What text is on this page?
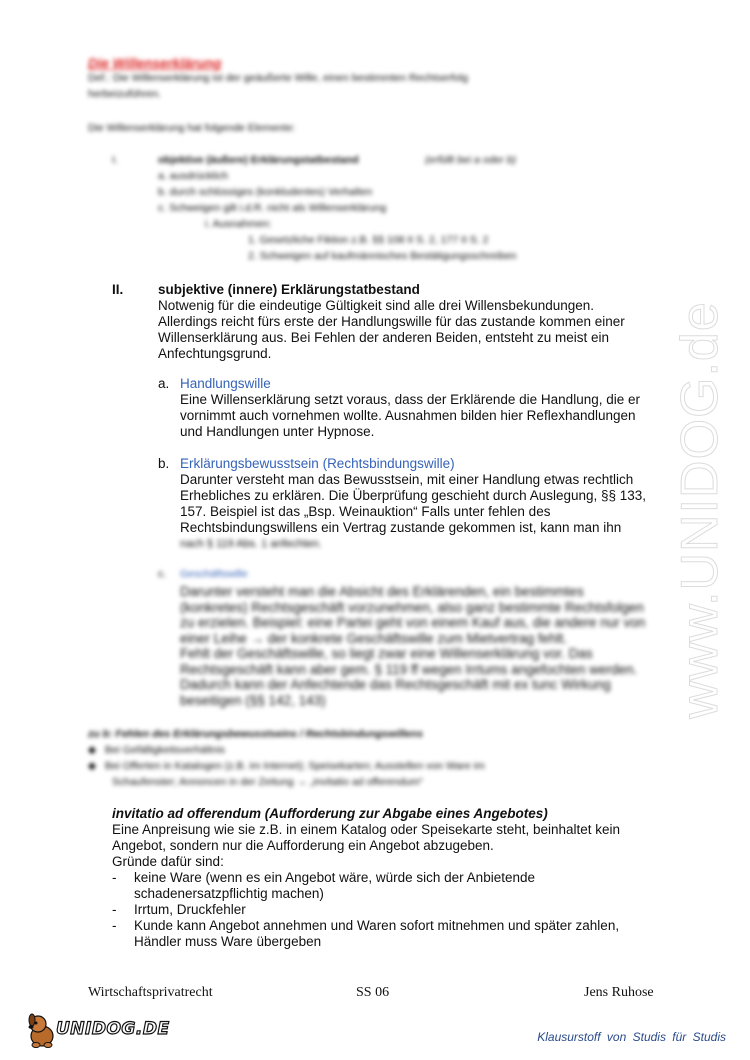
www.UNIDOG.de
Die Willenserklärung
Def.: Die Willenserklärung ist der geäußerte Wille, einen bestimmten Rechtserfolg
herbeizuführen.
Die Willenserklärung hat folgende Elemente:
I.	objektive (äußere) Erklärungstatbestand	(erfüllt bei a oder b)
a. ausdrücklich
b. durch schlüssiges (konkludentes) Verhalten
c. Schweigen gilt i.d.R. nicht als Willenserklärung
i. Ausnahmen:
1. Gesetzliche Fiktion z.B. §§ 108 II S. 2, 177 II S. 2
2. Schweigen auf kaufmännisches Bestätigungsschreiben
II.	subjektive (innere) Erklärungstatbestand

Notwenig für die eindeutige Gültigkeit sind alle drei Willensbekundungen.

Allerdings reicht fürs erste der Handlungswille für das zustande kommen einer

Willenserklärung aus. Bei Fehlen der anderen Beiden, entsteht zu meist ein

Anfechtungsgrund.

a. Handlungswille

Eine Willenserklärung setzt voraus, dass der Erklärende die Handlung, die er

vornimmt auch vornehmen wollte. Ausnahmen bilden hier Reflexhandlungen

und Handlungen unter Hypnose.

b. Erklärungsbewusstsein (Rechtsbindungswille)

Darunter versteht man das Bewusstsein, mit einer Handlung etwas rechtlich

Erhebliches zu erklären. Die Überprüfung geschieht durch Auslegung, §§ 133,

157. Beispiel ist das „Bsp. Weinauktion“ Falls unter fehlen des

Rechtsbindungswillens ein Vertrag zustande gekommen ist, kann man ihn

nach § 119 Abs. 1 anfechten.

c. Geschäftswille

Darunter versteht man die Absicht des Erklärenden, ein bestimmtes

(konkretes) Rechtsgeschäft vorzunehmen, also ganz bestimmte Rechtsfolgen

zu erzielen. Beispiel: eine Partei geht von einem Kauf aus, die andere nur von

einer Leihe → der konkrete Geschäftswille zum Mietvertrag fehlt.

Fehlt der Geschäftswille, so liegt zwar eine Willenserklärung vor. Das

Rechtsgeschäft kann aber gem. § 119 ff wegen Irrtums angefochten werden.

Dadurch kann der Anfechtende das Rechtsgeschäft mit ex tunc Wirkung

beseitigen (§§ 142, 143)

zu b: Fehlen des Erklärungsbewusstseins / Rechtsbindungswillens
◆   Bei Gefälligkeitsverhältnis
◆   Bei Offerten in Katalogen (z.B. im Internet); Speisekarten; Ausstellen von Ware im
Schaufenster; Annoncen in der Zeitung → „invitatio ad offerendum“
invitatio ad offerendum (Aufforderung zur Abgabe eines Angebotes)

Eine Anpreisung wie sie z.B. in einem Katalog oder Speisekarte steht, beinhaltet kein

Angebot, sondern nur die Aufforderung ein Angebot abzugeben.

Gründe dafür sind:

- keine Ware (wenn es ein Angebot wäre, würde sich der Anbietende
schadenersatzpflichtig machen)
- Irrtum, Druckfehler
- Kunde kann Angebot annehmen und Waren sofort mitnehmen und später zahlen,
Händler muss Ware übergeben
Wirtschaftsprivatrecht	SS 06	Jens Ruhose
UNIDOG.DE	Klausurstoff von Studis für Studis
